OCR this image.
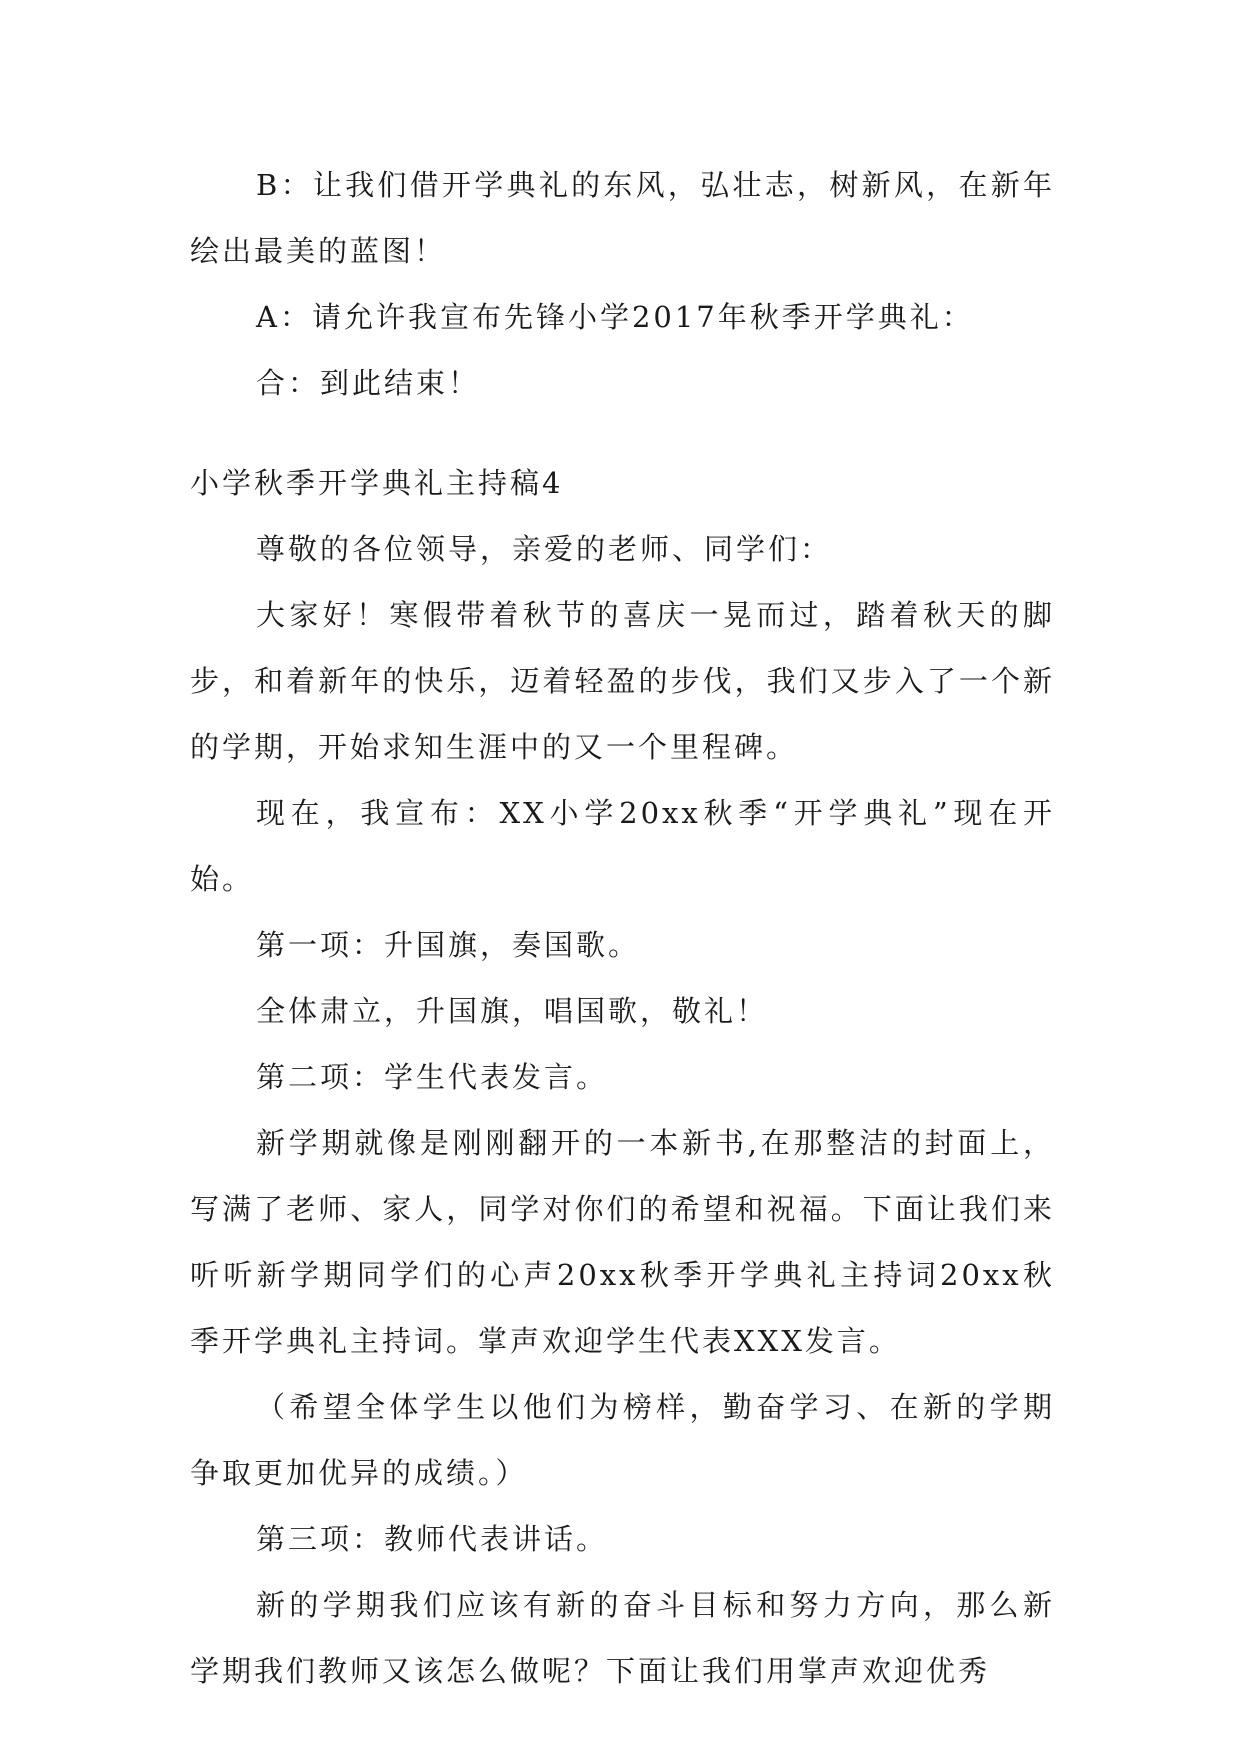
B：让我们借开学典礼的东风，弘壮志，树新风，在新年绘出最美的蓝图！

A：请允许我宣布先锋小学2017年秋季开学典礼：

合：到此结束！

小学秋季开学典礼主持稿4

尊敬的各位领导，亲爱的老师、同学们：

大家好！寒假带着秋节的喜庆一晃而过，踏着秋天的脚步，和着新年的快乐，迈着轻盈的步伐，我们又步入了一个新的学期，开始求知生涯中的又一个里程碑。

现在，我宣布：XX小学20xx秋季“开学典礼”现在开始。

第一项：升国旗，奏国歌。

全体肃立，升国旗，唱国歌，敬礼！

第二项：学生代表发言。

新学期就像是刚刚翻开的一本新书,在那整洁的封面上，写满了老师、家人，同学对你们的希望和祝福。下面让我们来听听新学期同学们的心声20xx秋季开学典礼主持词20xx秋季开学典礼主持词。掌声欢迎学生代表XXX发言。

（希望全体学生以他们为榜样，勤奋学习、在新的学期争取更加优异的成绩。）

第三项：教师代表讲话。

新的学期我们应该有新的奋斗目标和努力方向，那么新学期我们教师又该怎么做呢？下面让我们用掌声欢迎优秀
